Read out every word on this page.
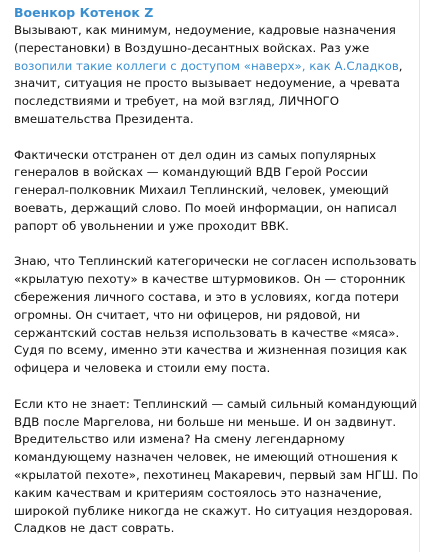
Военкор Котенок Z
Вызывают, как минимум, недоумение, кадровые назначения
(перестановки) в Воздушно-десантных войсках. Раз уже
возопили такие коллеги с доступом «наверх», как А.Сладков,
значит, ситуация не просто вызывает недоумение, а чревата
последствиями и требует, на мой взгляд, ЛИЧНОГО
вмешательства Президента.
Фактически отстранен от дел один из самых популярных
генералов в войсках — командующий ВДВ Герой России
генерал-полковник Михаил Теплинский, человек, умеющий
воевать, держащий слово. По моей информации, он написал
рапорт об увольнении и уже проходит ВВК.
Знаю, что Теплинский категорически не согласен использовать
«крылатую пехоту» в качестве штурмовиков. Он — сторонник
сбережения личного состава, и это в условиях, когда потери
огромны. Он считает, что ни офицеров, ни рядовой, ни
сержантский состав нельзя использовать в качестве «мяса».
Судя по всему, именно эти качества и жизненная позиция как
офицера и человека и стоили ему поста.
Если кто не знает: Теплинский — самый сильный командующий
ВДВ после Маргелова, ни больше ни меньше. И он задвинут.
Вредительство или измена? На смену легендарному
командующему назначен человек, не имеющий отношения к
«крылатой пехоте», пехотинец Макаревич, первый зам НГШ. По
каким качествам и критериям состоялось это назначение,
широкой публике никогда не скажут. Но ситуация нездоровая.
Сладков не даст соврать.
